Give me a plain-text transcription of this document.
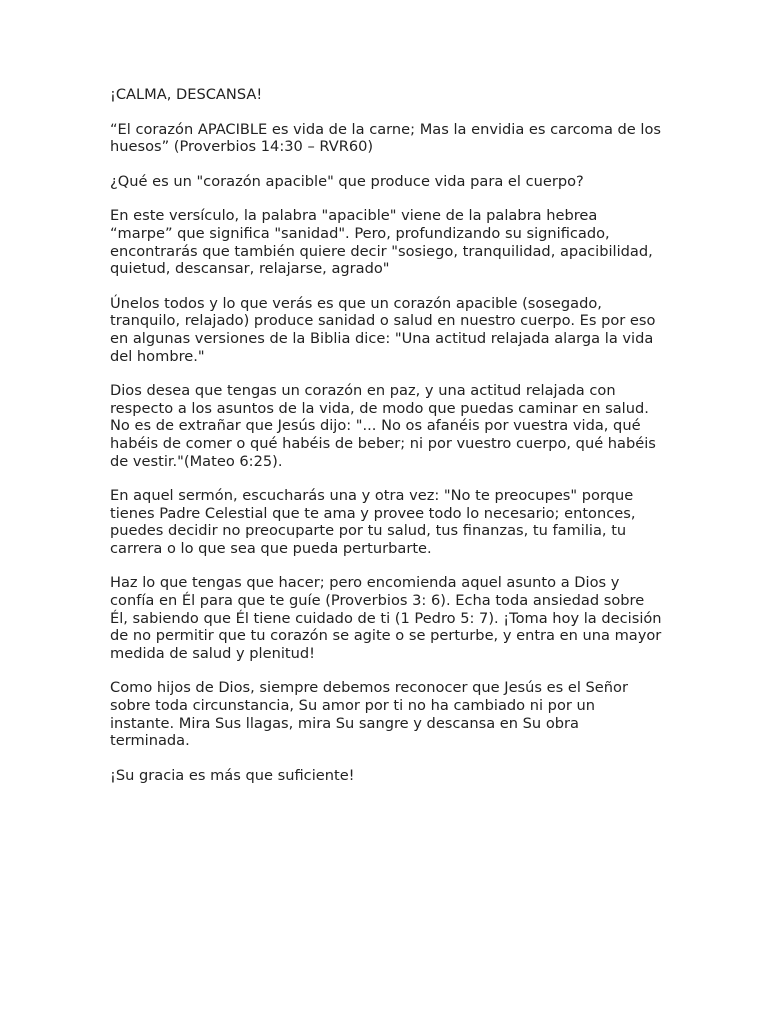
¡CALMA, DESCANSA!

“El corazón APACIBLE es vida de la carne; Mas la envidia es carcoma de los huesos” (Proverbios 14:30 – RVR60)

¿Qué es un "corazón apacible" que produce vida para el cuerpo?

En este versículo, la palabra "apacible" viene de la palabra hebrea “marpe” que significa "sanidad". Pero, profundizando su significado, encontrarás que también quiere decir "sosiego, tranquilidad, apacibilidad, quietud, descansar, relajarse, agrado"

Únelos todos y lo que verás es que un corazón apacible (sosegado, tranquilo, relajado) produce sanidad o salud en nuestro cuerpo. Es por eso en algunas versiones de la Biblia dice: "Una actitud relajada alarga la vida del hombre."

Dios desea que tengas un corazón en paz, y una actitud relajada con respecto a los asuntos de la vida, de modo que puedas caminar en salud. No es de extrañar que Jesús dijo: "... No os afanéis por vuestra vida, qué habéis de comer o qué habéis de beber; ni por vuestro cuerpo, qué habéis de vestir."(Mateo 6:25).

En aquel sermón, escucharás una y otra vez: "No te preocupes" porque tienes Padre Celestial que te ama y provee todo lo necesario; entonces, puedes decidir no preocuparte por tu salud, tus finanzas, tu familia, tu carrera o lo que sea que pueda perturbarte.

Haz lo que tengas que hacer; pero encomienda aquel asunto a Dios y confía en Él para que te guíe (Proverbios 3: 6). Echa toda ansiedad sobre Él, sabiendo que Él tiene cuidado de ti (1 Pedro 5: 7). ¡Toma hoy la decisión de no permitir que tu corazón se agite o se perturbe, y entra en una mayor medida de salud y plenitud!

Como hijos de Dios, siempre debemos reconocer que Jesús es el Señor sobre toda circunstancia, Su amor por ti no ha cambiado ni por un instante. Mira Sus llagas, mira Su sangre y descansa en Su obra terminada.

¡Su gracia es más que suficiente!
